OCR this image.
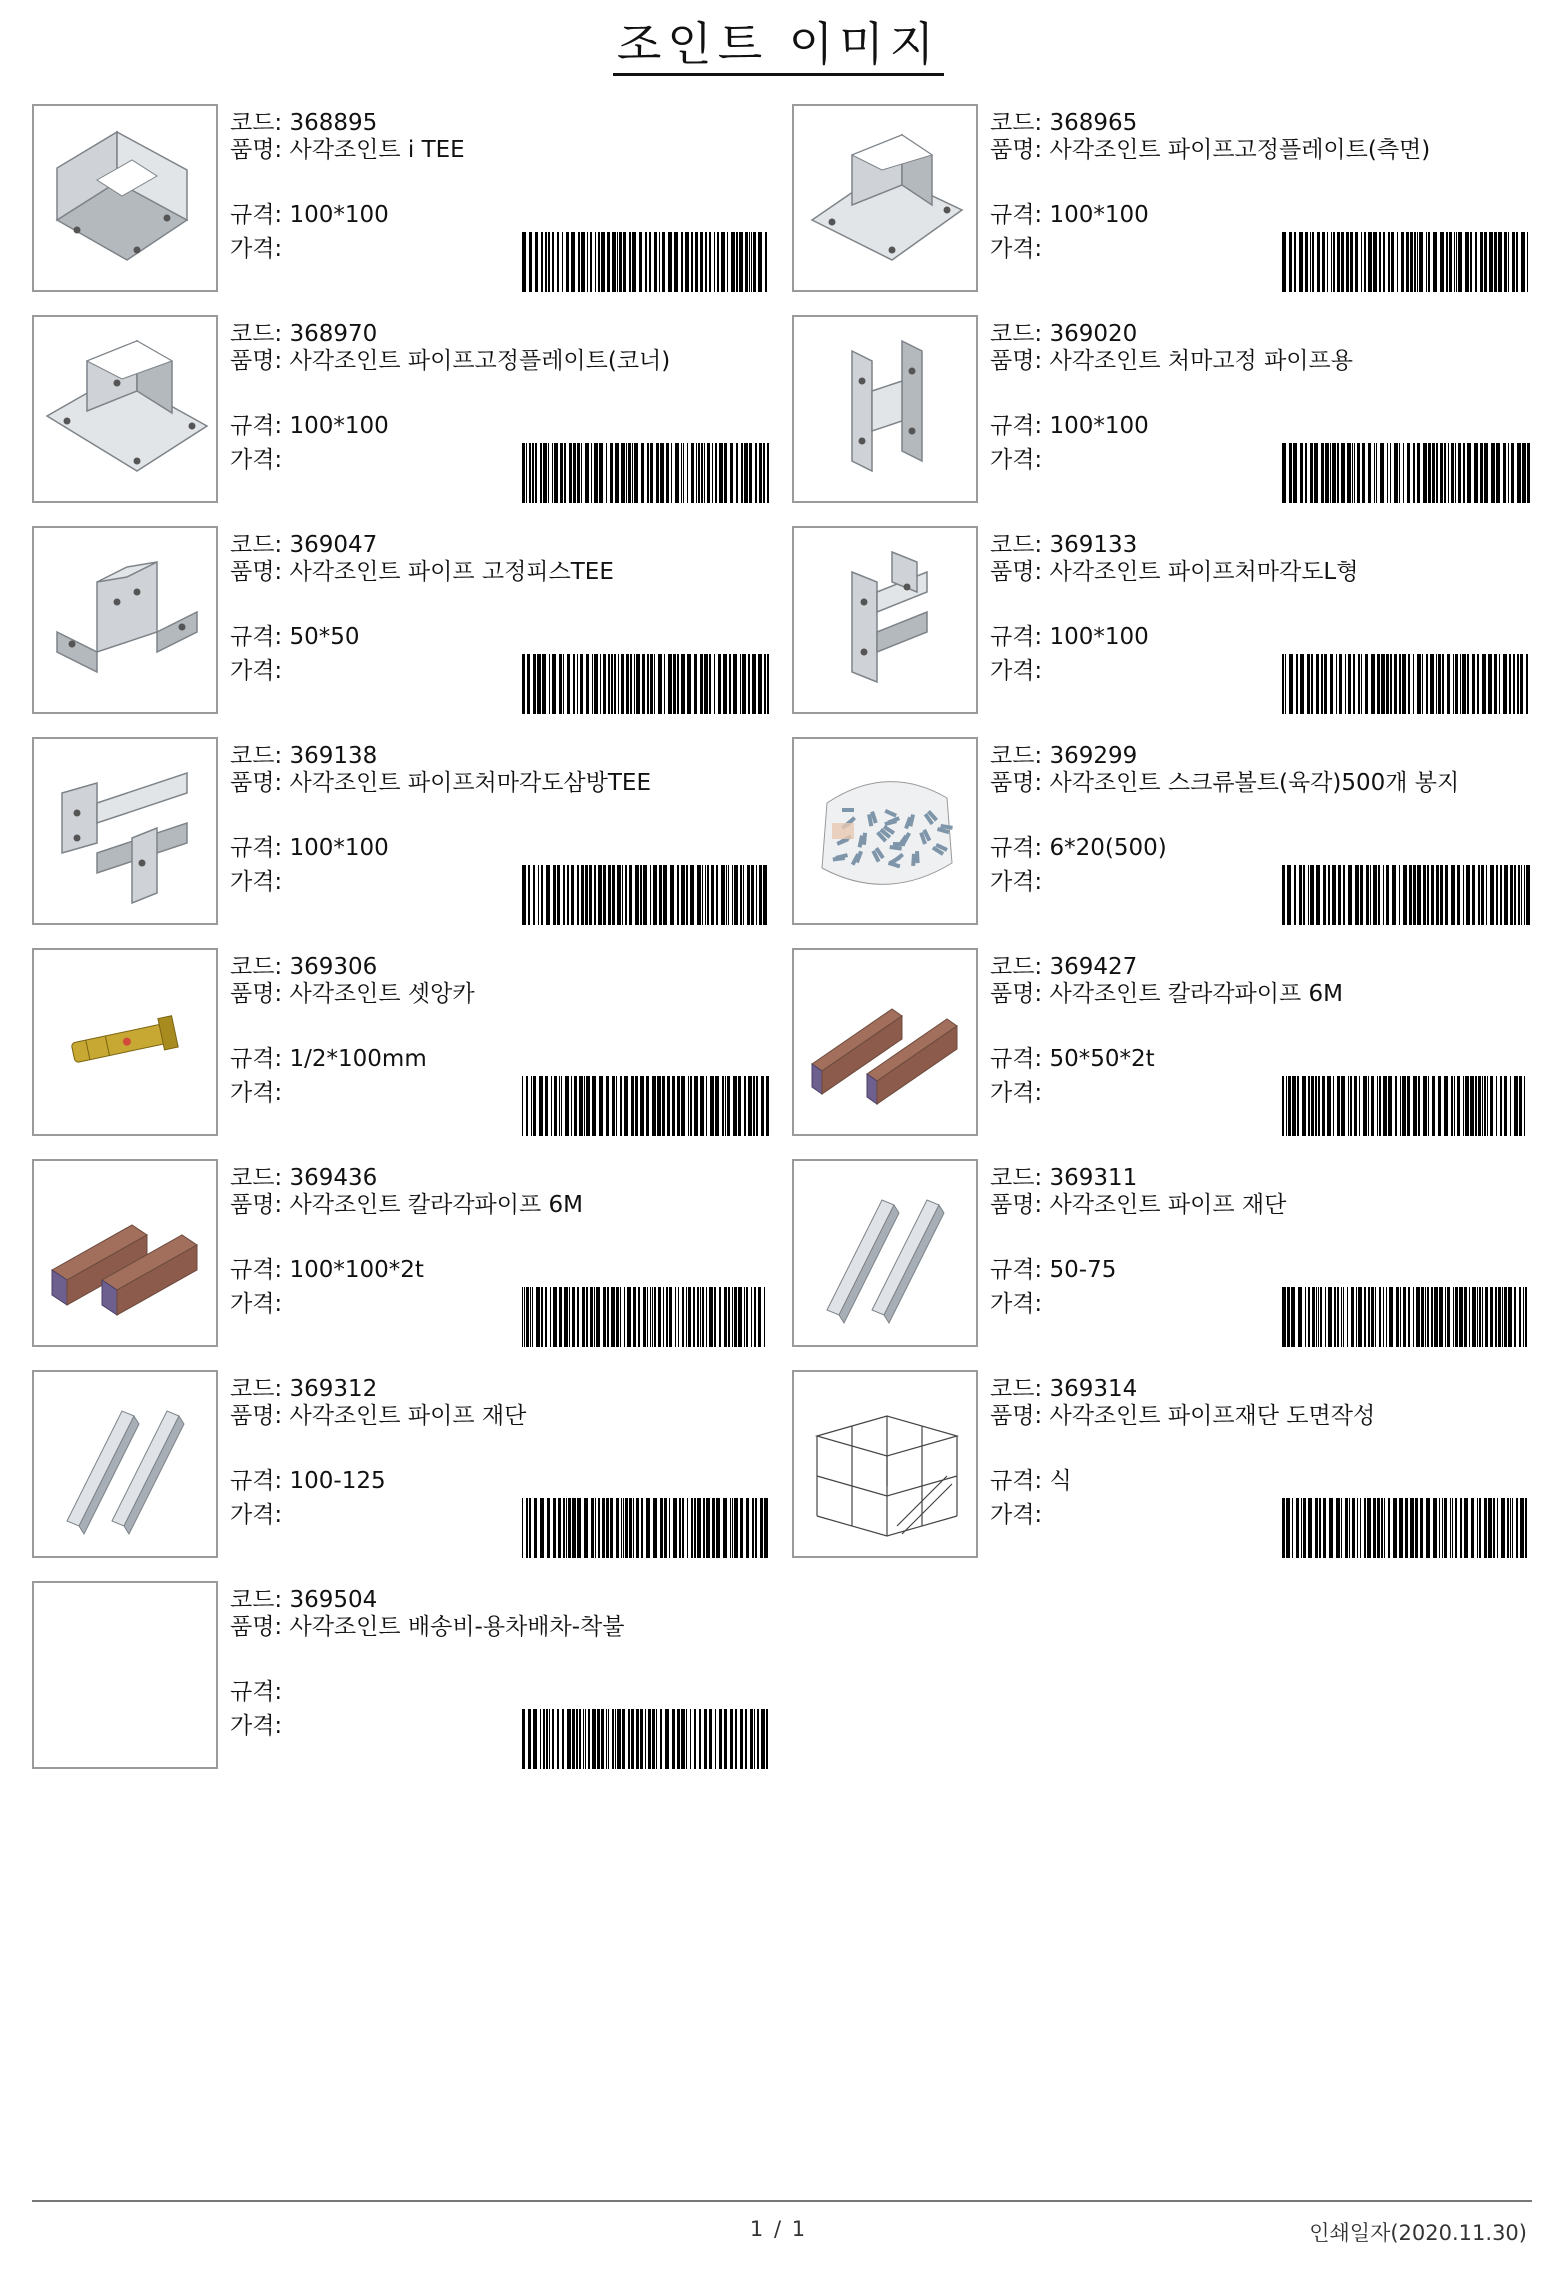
조인트 이미지
코드: 368895
품명: 사각조인트 i TEE
규격: 100*100
가격:
코드: 368965
품명: 사각조인트 파이프고정플레이트(측면)
규격: 100*100
가격:
코드: 368970
품명: 사각조인트 파이프고정플레이트(코너)
규격: 100*100
가격:
코드: 369020
품명: 사각조인트 처마고정 파이프용
규격: 100*100
가격:
코드: 369047
품명: 사각조인트 파이프 고정피스TEE
규격: 50*50
가격:
코드: 369133
품명: 사각조인트 파이프처마각도L형
규격: 100*100
가격:
코드: 369138
품명: 사각조인트 파이프처마각도삼방TEE
규격: 100*100
가격:
코드: 369299
품명: 사각조인트 스크류볼트(육각)500개 봉지
규격: 6*20(500)
가격:
코드: 369306
품명: 사각조인트 셋앙카
규격: 1/2*100mm
가격:
코드: 369427
품명: 사각조인트 칼라각파이프 6M
규격: 50*50*2t
가격:
코드: 369436
품명: 사각조인트 칼라각파이프 6M
규격: 100*100*2t
가격:
코드: 369311
품명: 사각조인트 파이프 재단
규격: 50-75
가격:
코드: 369312
품명: 사각조인트 파이프 재단
규격: 100-125
가격:
코드: 369314
품명: 사각조인트 파이프재단 도면작성
규격: 식
가격:
코드: 369504
품명: 사각조인트 배송비-용차배차-착불
규격:
가격:
1 / 1	인쇄일자(2020.11.30)
